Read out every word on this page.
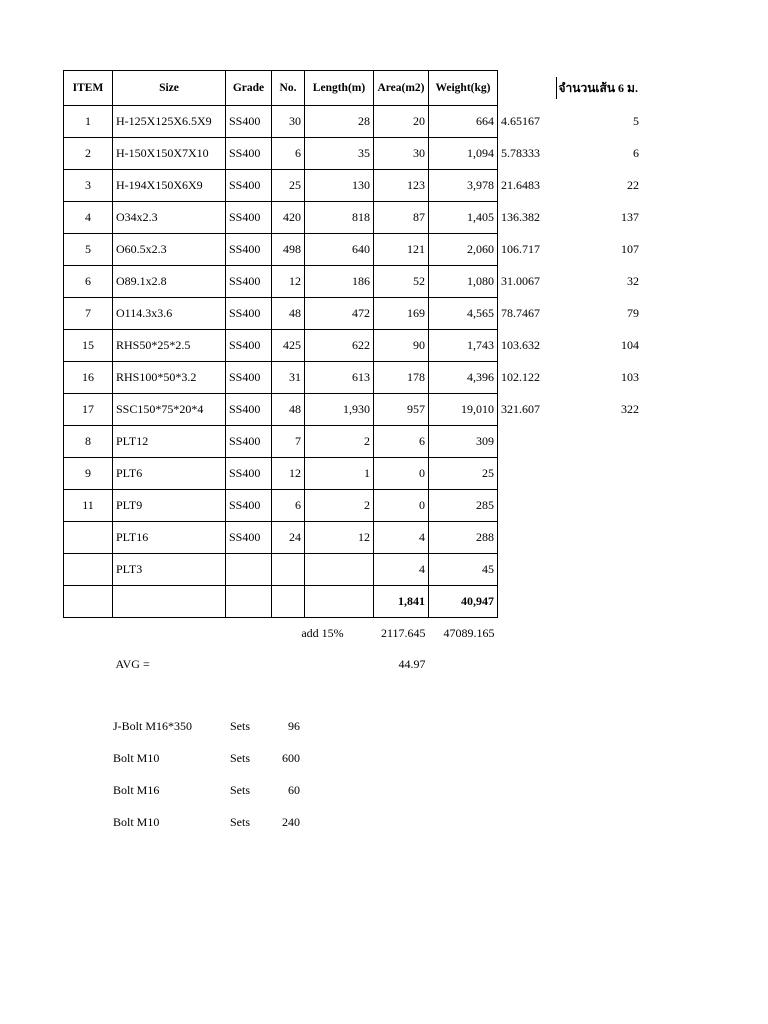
ITEM	Size	Grade	No.	Length(m)	Area(m2)	Weight(kg)		จำนวนเส้น 6 ม.
1	H-125X125X6.5X9	SS400	30	28	20	664	4.65167	5
2	H-150X150X7X10	SS400	6	35	30	1,094	5.78333	6
3	H-194X150X6X9	SS400	25	130	123	3,978	21.6483	22
4	O34x2.3	SS400	420	818	87	1,405	136.382	137
5	O60.5x2.3	SS400	498	640	121	2,060	106.717	107
6	O89.1x2.8	SS400	12	186	52	1,080	31.0067	32
7	O114.3x3.6	SS400	48	472	169	4,565	78.7467	79
15	RHS50*25*2.5	SS400	425	622	90	1,743	103.632	104
16	RHS100*50*3.2	SS400	31	613	178	4,396	102.122	103
17	SSC150*75*20*4	SS400	48	1,930	957	19,010	321.607	322
8	PLT12	SS400	7	2	6	309		
9	PLT6	SS400	12	1	0	25		
11	PLT9	SS400	6	2	0	285		
	PLT16	SS400	24	12	4	288		
	PLT3				4	45		
					1,841	40,947		
			add 15%		2117.645	47089.165		
	AVG =				44.97			
J-Bolt M16*350	Sets	96
Bolt M10	Sets	600
Bolt M16	Sets	60
Bolt M10	Sets	240
